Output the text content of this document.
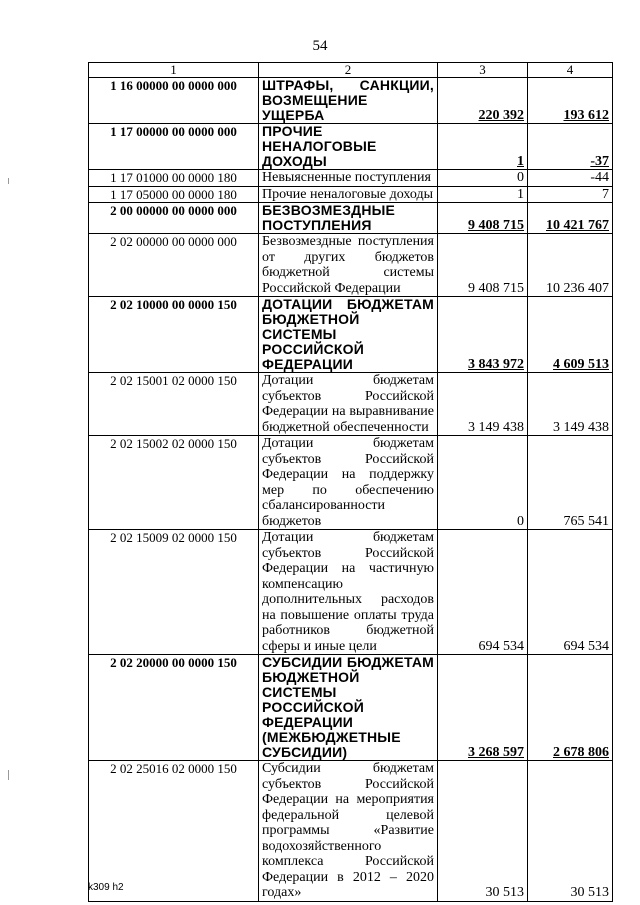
54
1	2	3	4
1 16 00000 00 0000 000	ШТРАФЫ, САНКЦИИ, ВОЗМЕЩЕНИЕ УЩЕРБА	220 392	193 612
1 17 00000 00 0000 000	ПРОЧИЕ НЕНАЛОГОВЫЕ ДОХОДЫ	1	-37
1 17 01000 00 0000 180	Невыясненные поступления	0	-44
1 17 05000 00 0000 180	Прочие неналоговые доходы	1	7
2 00 00000 00 0000 000	БЕЗВОЗМЕЗДНЫЕ ПОСТУПЛЕНИЯ	9 408 715	10 421 767
2 02 00000 00 0000 000	Безвозмездные поступления от других бюджетов бюджетной системы Российской Федерации	9 408 715	10 236 407
2 02 10000 00 0000 150	ДОТАЦИИ БЮДЖЕТАМ БЮДЖЕТНОЙ СИСТЕМЫ РОССИЙСКОЙ ФЕДЕРАЦИИ	3 843 972	4 609 513
2 02 15001 02 0000 150	Дотации бюджетам субъектов Российской Федерации на выравнивание бюджетной обеспеченности	3 149 438	3 149 438
2 02 15002 02 0000 150	Дотации бюджетам субъектов Российской Федерации на поддержку мер по обеспечению сбалансированности бюджетов	0	765 541
2 02 15009 02 0000 150	Дотации бюджетам субъектов Российской Федерации на частичную компенсацию дополнительных расходов на повышение оплаты труда работников бюджетной сферы и иные цели	694 534	694 534
2 02 20000 00 0000 150	СУБСИДИИ БЮДЖЕТАМ БЮДЖЕТНОЙ СИСТЕМЫ РОССИЙСКОЙ ФЕДЕРАЦИИ (МЕЖБЮДЖЕТНЫЕ СУБСИДИИ)	3 268 597	2 678 806
2 02 25016 02 0000 150	Субсидии бюджетам субъектов Российской Федерации на мероприятия федеральной целевой программы «Развитие водохозяйственного комплекса Российской Федерации в 2012 – 2020 годах»	30 513	30 513
k309 h2
